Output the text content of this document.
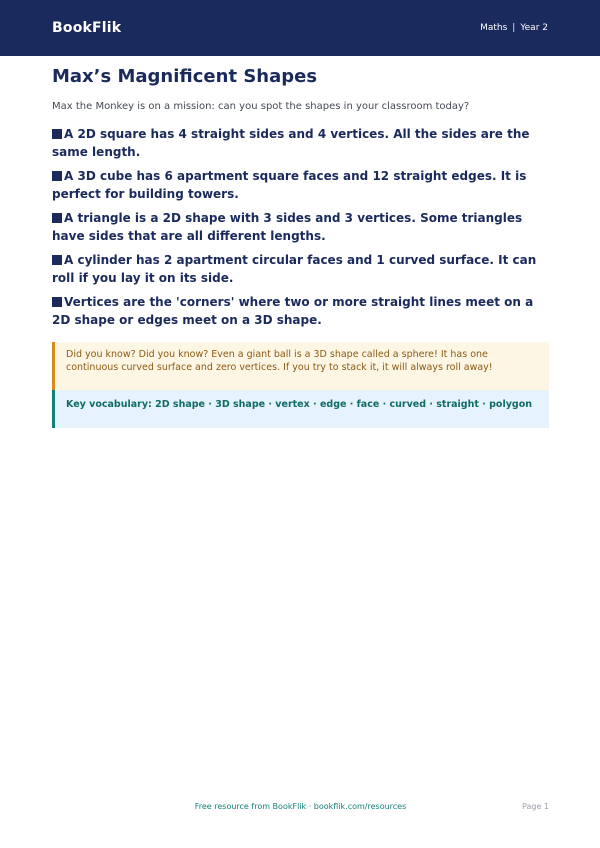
BookFlik	Maths | Year 2
Max’s Magnificent Shapes

Max the Monkey is on a mission: can you spot the shapes in your classroom today?

A 2D square has 4 straight sides and 4 vertices. All the sides are the same length.
A 3D cube has 6 apartment square faces and 12 straight edges. It is perfect for building towers.
A triangle is a 2D shape with 3 sides and 3 vertices. Some triangles have sides that are all different lengths.
A cylinder has 2 apartment circular faces and 1 curved surface. It can roll if you lay it on its side.
Vertices are the 'corners' where two or more straight lines meet on a 2D shape or edges meet on a 3D shape.
Did you know? Did you know? Even a giant ball is a 3D shape called a sphere! It has one continuous curved surface and zero vertices. If you try to stack it, it will always roll away!
Key vocabulary: 2D shape · 3D shape · vertex · edge · face · curved · straight · polygon
Free resource from BookFlik · bookflik.com/resources	Page 1
